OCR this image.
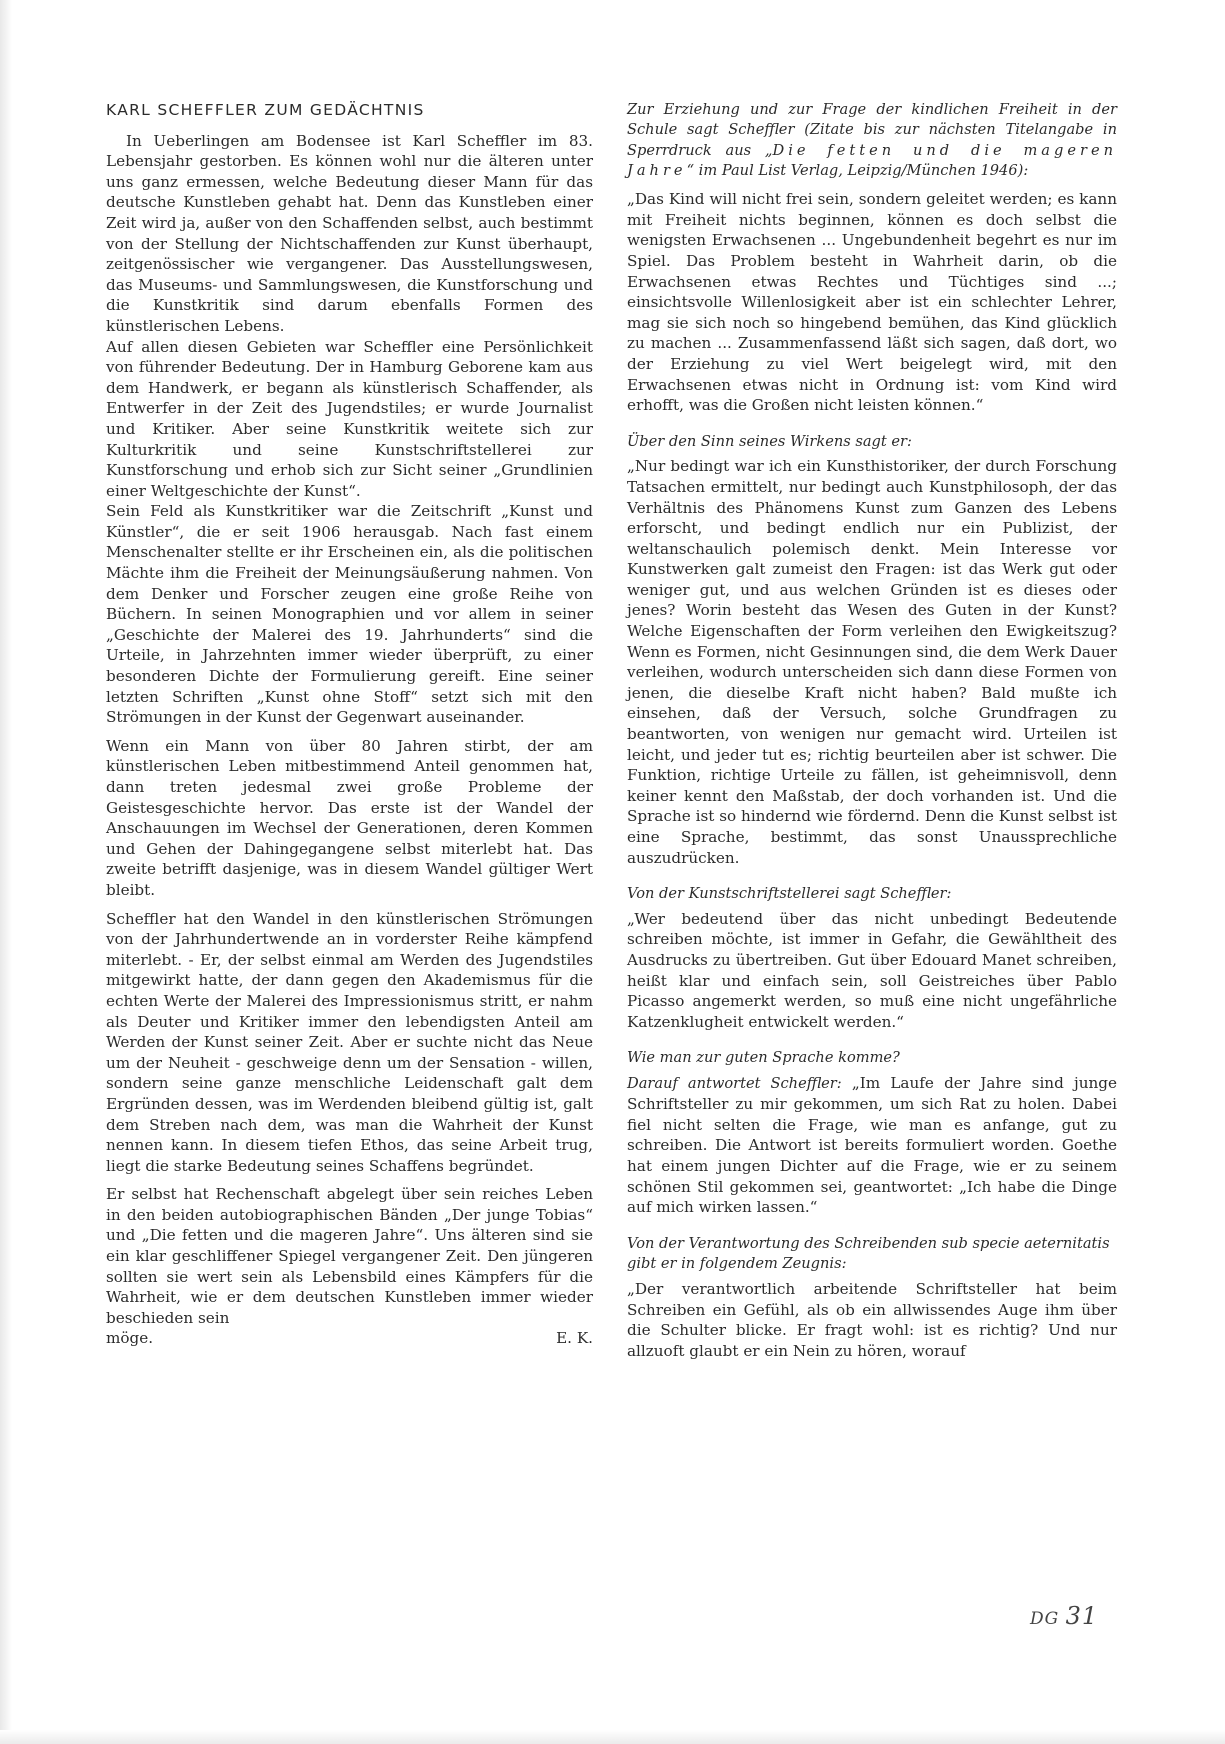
KARL SCHEFFLER ZUM GEDÄCHTNIS

In Ueberlingen am Bodensee ist Karl Scheffler im 83. Lebensjahr gestorben. Es können wohl nur die älteren unter uns ganz ermessen, welche Bedeutung dieser Mann für das deutsche Kunstleben gehabt hat. Denn das Kunstleben einer Zeit wird ja, außer von den Schaffenden selbst, auch bestimmt von der Stellung der Nichtschaffenden zur Kunst überhaupt, zeitgenössischer wie vergangener. Das Ausstellungswesen, das Museums- und Sammlungswesen, die Kunstforschung und die Kunstkritik sind darum ebenfalls Formen des künstlerischen Lebens.

Auf allen diesen Gebieten war Scheffler eine Persönlichkeit von führender Bedeutung. Der in Hamburg Geborene kam aus dem Handwerk, er begann als künstlerisch Schaffender, als Entwerfer in der Zeit des Jugendstiles; er wurde Journalist und Kritiker. Aber seine Kunstkritik weitete sich zur Kulturkritik und seine Kunstschriftstellerei zur Kunstforschung und erhob sich zur Sicht seiner „Grundlinien einer Weltgeschichte der Kunst“.

Sein Feld als Kunstkritiker war die Zeitschrift „Kunst und Künstler“, die er seit 1906 herausgab. Nach fast einem Menschenalter stellte er ihr Erscheinen ein, als die politischen Mächte ihm die Freiheit der Meinungsäußerung nahmen. Von dem Denker und Forscher zeugen eine große Reihe von Büchern. In seinen Monographien und vor allem in seiner „Geschichte der Malerei des 19. Jahrhunderts“ sind die Urteile, in Jahrzehnten immer wieder überprüft, zu einer besonderen Dichte der Formulierung gereift. Eine seiner letzten Schriften „Kunst ohne Stoff“ setzt sich mit den Strömungen in der Kunst der Gegenwart auseinander.

Wenn ein Mann von über 80 Jahren stirbt, der am künstlerischen Leben mitbestimmend Anteil genommen hat, dann treten jedesmal zwei große Probleme der Geistesgeschichte hervor. Das erste ist der Wandel der Anschauungen im Wechsel der Generationen, deren Kommen und Gehen der Dahingegangene selbst miterlebt hat. Das zweite betrifft dasjenige, was in diesem Wandel gültiger Wert bleibt.

Scheffler hat den Wandel in den künstlerischen Strömungen von der Jahrhundertwende an in vorderster Reihe kämpfend miterlebt. - Er, der selbst einmal am Werden des Jugendstiles mitgewirkt hatte, der dann gegen den Akademismus für die echten Werte der Malerei des Impressionismus stritt, er nahm als Deuter und Kritiker immer den lebendigsten Anteil am Werden der Kunst seiner Zeit. Aber er suchte nicht das Neue um der Neuheit - geschweige denn um der Sensation - willen, sondern seine ganze menschliche Leidenschaft galt dem Ergründen dessen, was im Werdenden bleibend gültig ist, galt dem Streben nach dem, was man die Wahrheit der Kunst nennen kann. In diesem tiefen Ethos, das seine Arbeit trug, liegt die starke Bedeutung seines Schaffens begründet.

Er selbst hat Rechenschaft abgelegt über sein reiches Leben in den beiden autobiographischen Bänden „Der junge Tobias“ und „Die fetten und die mageren Jahre“. Uns älteren sind sie ein klar geschliffener Spiegel vergangener Zeit. Den jüngeren sollten sie wert sein als Lebensbild eines Kämpfers für die Wahrheit, wie er dem deutschen Kunstleben immer wieder beschieden sein

möge.	E. K.

Zur Erziehung und zur Frage der kindlichen Freiheit in der Schule sagt Scheffler (Zitate bis zur nächsten Titelangabe in Sperrdruck aus „Die fetten und die mageren Jahre“ im Paul List Verlag, Leipzig/München 1946):

„Das Kind will nicht frei sein, sondern geleitet werden; es kann mit Freiheit nichts beginnen, können es doch selbst die wenigsten Erwachsenen ... Ungebundenheit begehrt es nur im Spiel. Das Problem besteht in Wahrheit darin, ob die Erwachsenen etwas Rechtes und Tüchtiges sind ...; einsichtsvolle Willenlosigkeit aber ist ein schlechter Lehrer, mag sie sich noch so hingebend bemühen, das Kind glücklich zu machen ... Zusammenfassend läßt sich sagen, daß dort, wo der Erziehung zu viel Wert beigelegt wird, mit den Erwachsenen etwas nicht in Ordnung ist: vom Kind wird erhofft, was die Großen nicht leisten können.“

Über den Sinn seines Wirkens sagt er:

„Nur bedingt war ich ein Kunsthistoriker, der durch Forschung Tatsachen ermittelt, nur bedingt auch Kunstphilosoph, der das Verhältnis des Phänomens Kunst zum Ganzen des Lebens erforscht, und bedingt endlich nur ein Publizist, der weltanschaulich polemisch denkt. Mein Interesse vor Kunstwerken galt zumeist den Fragen: ist das Werk gut oder weniger gut, und aus welchen Gründen ist es dieses oder jenes? Worin besteht das Wesen des Guten in der Kunst? Welche Eigenschaften der Form verleihen den Ewigkeitszug? Wenn es Formen, nicht Gesinnungen sind, die dem Werk Dauer verleihen, wodurch unterscheiden sich dann diese Formen von jenen, die dieselbe Kraft nicht haben? Bald mußte ich einsehen, daß der Versuch, solche Grundfragen zu beantworten, von wenigen nur gemacht wird. Urteilen ist leicht, und jeder tut es; richtig beurteilen aber ist schwer. Die Funktion, richtige Urteile zu fällen, ist geheimnisvoll, denn keiner kennt den Maßstab, der doch vorhanden ist. Und die Sprache ist so hindernd wie fördernd. Denn die Kunst selbst ist eine Sprache, bestimmt, das sonst Unaussprechliche auszudrücken.

Von der Kunstschriftstellerei sagt Scheffler:

„Wer bedeutend über das nicht unbedingt Bedeutende schreiben möchte, ist immer in Gefahr, die Gewähltheit des Ausdrucks zu übertreiben. Gut über Edouard Manet schreiben, heißt klar und einfach sein, soll Geistreiches über Pablo Picasso angemerkt werden, so muß eine nicht ungefährliche Katzenklugheit entwickelt werden.“

Wie man zur guten Sprache komme?

Darauf antwortet Scheffler: „Im Laufe der Jahre sind junge Schriftsteller zu mir gekommen, um sich Rat zu holen. Dabei fiel nicht selten die Frage, wie man es anfange, gut zu schreiben. Die Antwort ist bereits formuliert worden. Goethe hat einem jungen Dichter auf die Frage, wie er zu seinem schönen Stil gekommen sei, geantwortet: „Ich habe die Dinge auf mich wirken lassen.“

Von der Verantwortung des Schreibenden sub specie aeternitatis gibt er in folgendem Zeugnis:

„Der verantwortlich arbeitende Schriftsteller hat beim Schreiben ein Gefühl, als ob ein allwissendes Auge ihm über die Schulter blicke. Er fragt wohl: ist es richtig? Und nur allzuoft glaubt er ein Nein zu hören, worauf

DG 31
